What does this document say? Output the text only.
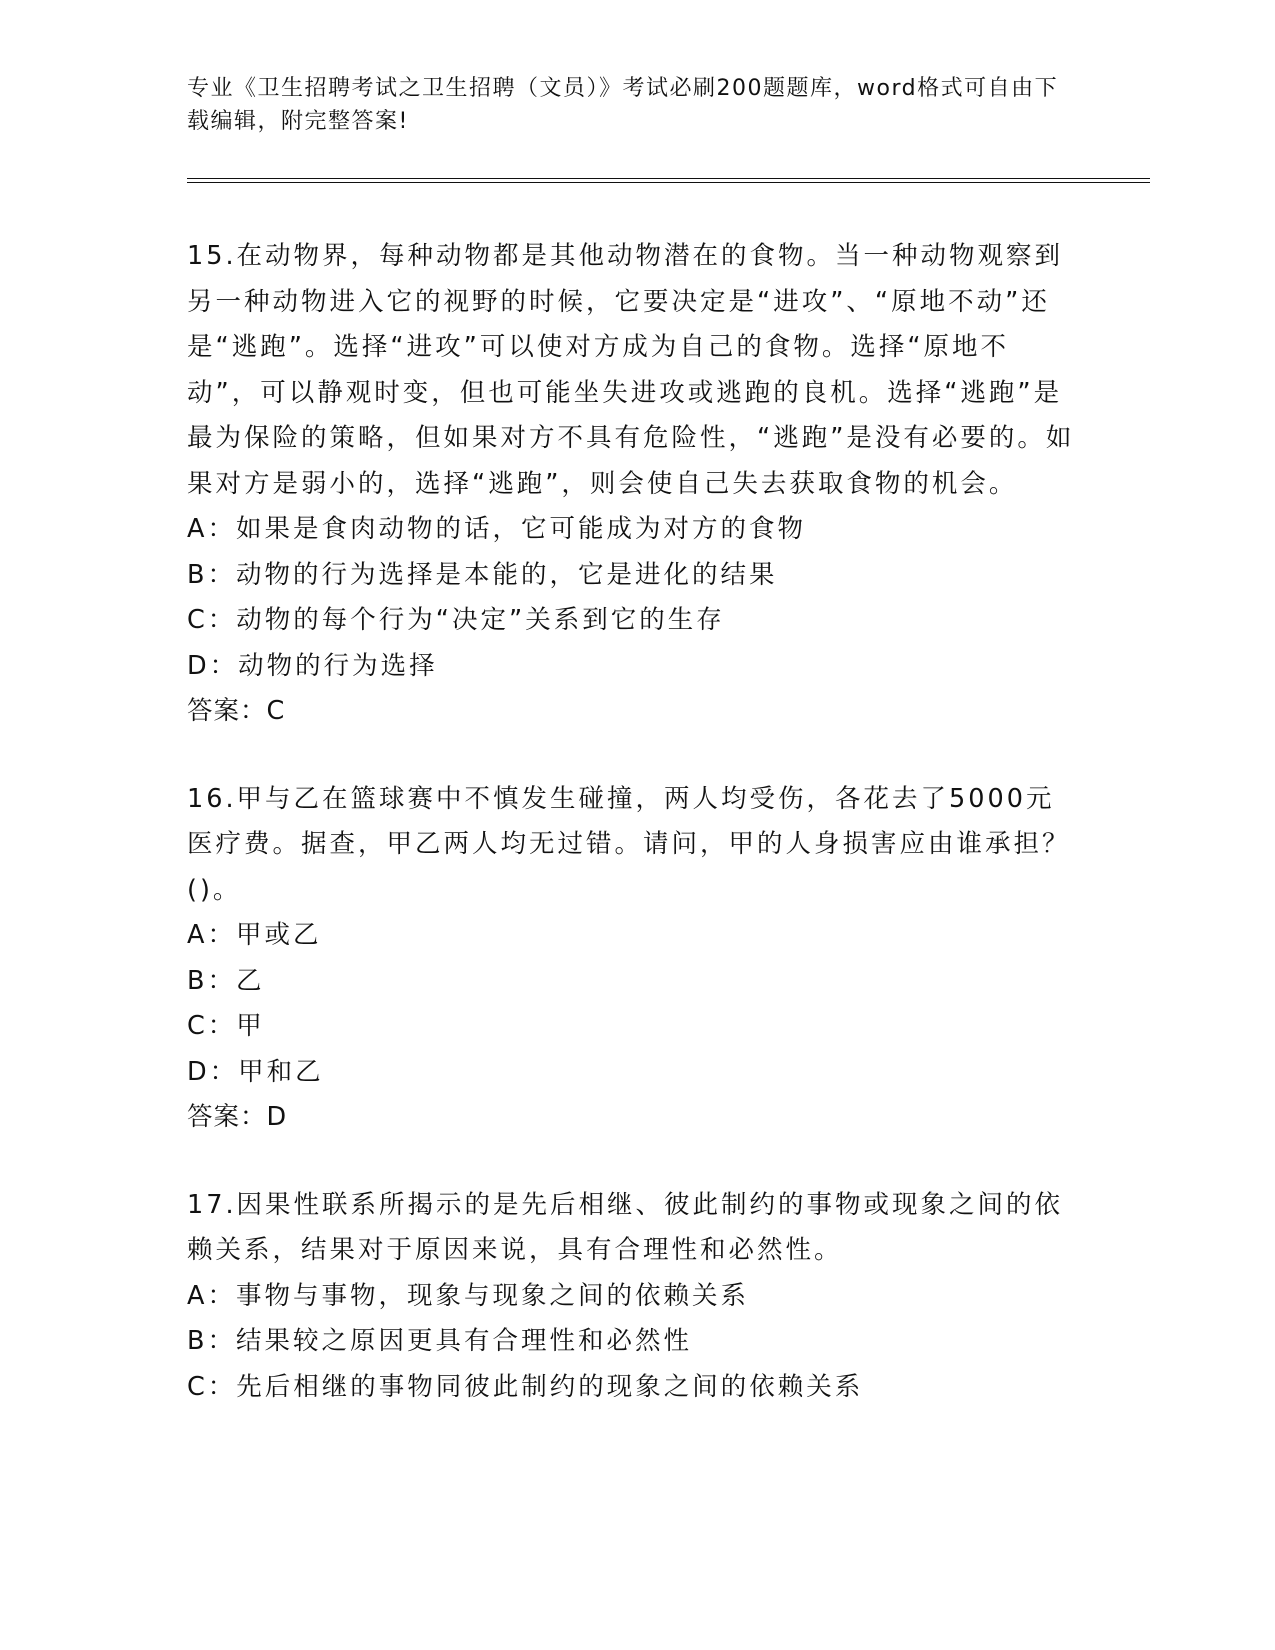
专业《卫生招聘考试之卫生招聘（文员）》考试必刷200题题库，word格式可自由下载编辑，附完整答案!

15.在动物界，每种动物都是其他动物潜在的食物。当一种动物观察到另一种动物进入它的视野的时候，它要决定是“进攻”、“原地不动”还是“逃跑”。选择“进攻”可以使对方成为自己的食物。选择“原地不动”，可以静观时变，但也可能坐失进攻或逃跑的良机。选择“逃跑”是最为保险的策略，但如果对方不具有危险性，“逃跑”是没有必要的。如果对方是弱小的，选择“逃跑”，则会使自己失去获取食物的机会。

A：如果是食肉动物的话，它可能成为对方的食物

B：动物的行为选择是本能的，它是进化的结果

C：动物的每个行为“决定”关系到它的生存

D：动物的行为选择

答案：C

16.甲与乙在篮球赛中不慎发生碰撞，两人均受伤，各花去了5000元医疗费。据查，甲乙两人均无过错。请问，甲的人身损害应由谁承担？()。

A：甲或乙

B：乙

C：甲

D：甲和乙

答案：D

17.因果性联系所揭示的是先后相继、彼此制约的事物或现象之间的依赖关系，结果对于原因来说，具有合理性和必然性。

A：事物与事物，现象与现象之间的依赖关系

B：结果较之原因更具有合理性和必然性

C：先后相继的事物同彼此制约的现象之间的依赖关系
